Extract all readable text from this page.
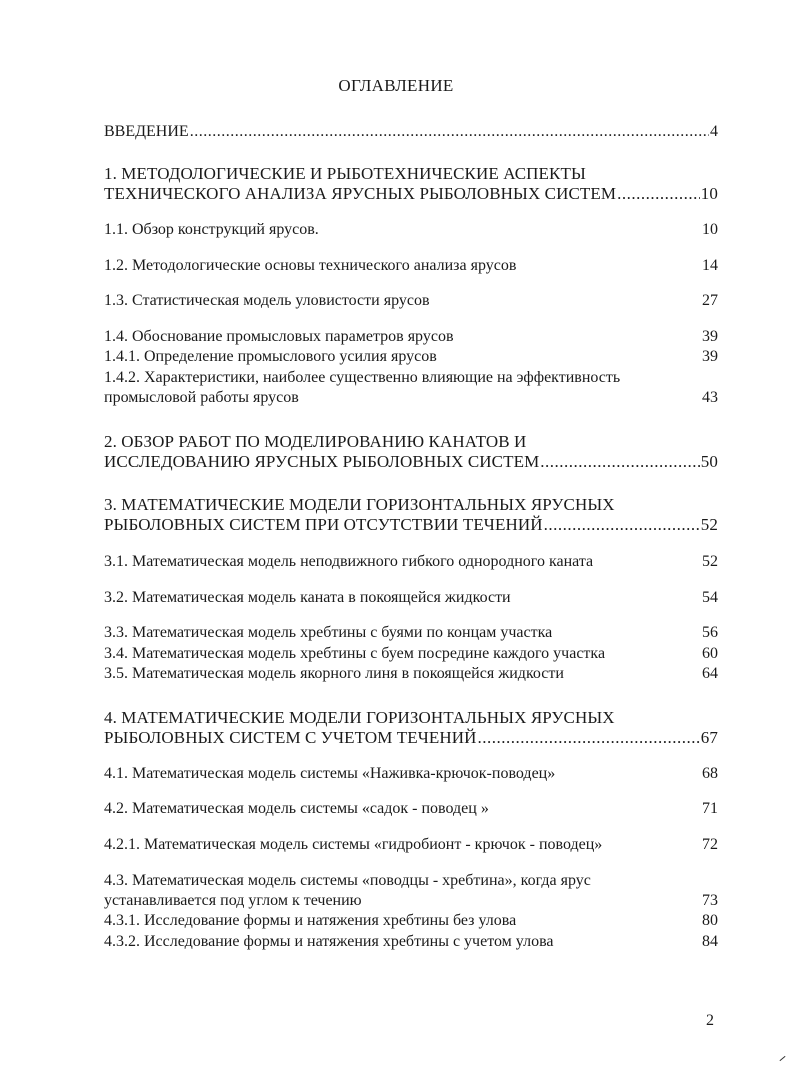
ОГЛАВЛЕНИЕ
ВВЕДЕНИЕ .....	4
1. МЕТОДОЛОГИЧЕСКИЕ И РЫБОТЕХНИЧЕСКИЕ АСПЕКТЫ
ТЕХНИЧЕСКОГО АНАЛИЗА ЯРУСНЫХ РЫБОЛОВНЫХ СИСТЕМ .....	10
1.1. Обзор конструкций ярусов.	10
1.2. Методологические основы технического анализа ярусов	14
1.3. Статистическая модель уловистости ярусов	27
1.4. Обоснование промысловых параметров ярусов	39
1.4.1. Определение промыслового усилия ярусов	39
1.4.2. Характеристики, наиболее существенно влияющие на эффективность
промысловой работы ярусов	43
2. ОБЗОР РАБОТ ПО МОДЕЛИРОВАНИЮ КАНАТОВ И
ИССЛЕДОВАНИЮ ЯРУСНЫХ РЫБОЛОВНЫХ СИСТЕМ .....	50
3. МАТЕМАТИЧЕСКИЕ МОДЕЛИ ГОРИЗОНТАЛЬНЫХ ЯРУСНЫХ
РЫБОЛОВНЫХ СИСТЕМ ПРИ ОТСУТСТВИИ ТЕЧЕНИЙ .....	52
3.1. Математическая модель неподвижного гибкого однородного каната	52
3.2. Математическая модель каната в покоящейся жидкости	54
3.3. Математическая модель хребтины с буями по концам участка	56
3.4. Математическая модель хребтины с буем посредине каждого участка	60
3.5. Математическая модель якорного линя в покоящейся жидкости	64
4. МАТЕМАТИЧЕСКИЕ МОДЕЛИ ГОРИЗОНТАЛЬНЫХ ЯРУСНЫХ
РЫБОЛОВНЫХ СИСТЕМ С УЧЕТОМ ТЕЧЕНИЙ .....	67
4.1. Математическая модель системы «Наживка-крючок-поводец»	68
4.2. Математическая модель системы «садок - поводец »	71
4.2.1. Математическая модель системы «гидробионт - крючок - поводец»	72
4.3. Математическая модель системы «поводцы - хребтина», когда ярус
устанавливается под углом к течению	73
4.3.1. Исследование формы и натяжения хребтины без улова	80
4.3.2. Исследование формы и натяжения хребтины с учетом улова	84
2
